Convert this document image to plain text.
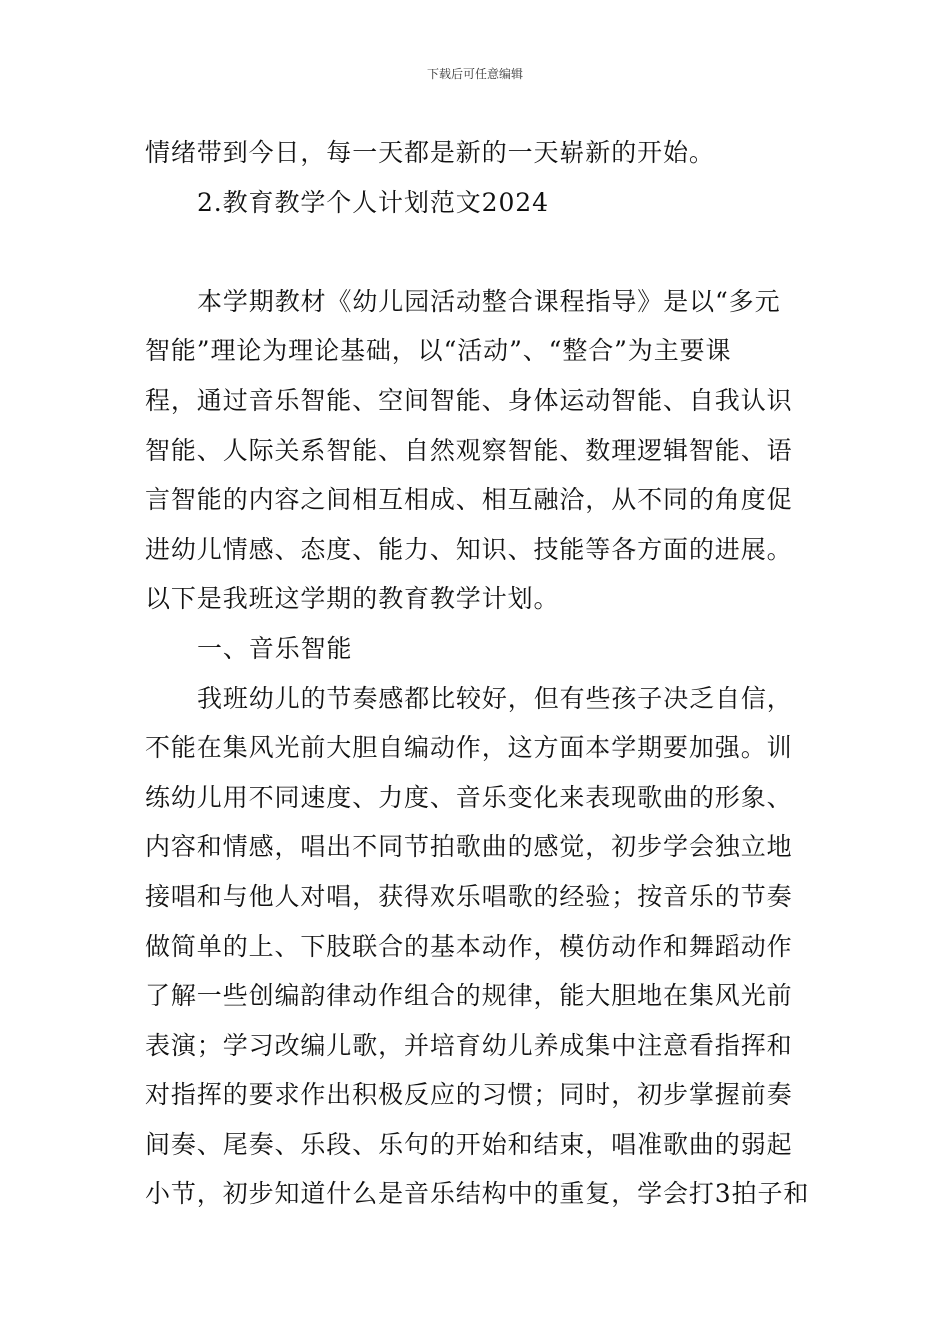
下载后可任意编辑
情绪带到今日，每一天都是新的一天崭新的开始。
2.教育教学个人计划范文2024
本学期教材《幼儿园活动整合课程指导》是以“多元
智能”理论为理论基础，以“活动”、“整合”为主要课
程，通过音乐智能、空间智能、身体运动智能、自我认识
智能、人际关系智能、自然观察智能、数理逻辑智能、语
言智能的内容之间相互相成、相互融洽，从不同的角度促
进幼儿情感、态度、能力、知识、技能等各方面的进展。
以下是我班这学期的教育教学计划。
一、音乐智能
我班幼儿的节奏感都比较好，但有些孩子决乏自信，
不能在集风光前大胆自编动作，这方面本学期要加强。训
练幼儿用不同速度、力度、音乐变化来表现歌曲的形象、
内容和情感，唱出不同节拍歌曲的感觉，初步学会独立地
接唱和与他人对唱，获得欢乐唱歌的经验；按音乐的节奏
做简单的上、下肢联合的基本动作，模仿动作和舞蹈动作
了解一些创编韵律动作组合的规律，能大胆地在集风光前
表演；学习改编儿歌，并培育幼儿养成集中注意看指挥和
对指挥的要求作出积极反应的习惯；同时，初步掌握前奏
间奏、尾奏、乐段、乐句的开始和结束，唱准歌曲的弱起
小节，初步知道什么是音乐结构中的重复，学会打3拍子和
